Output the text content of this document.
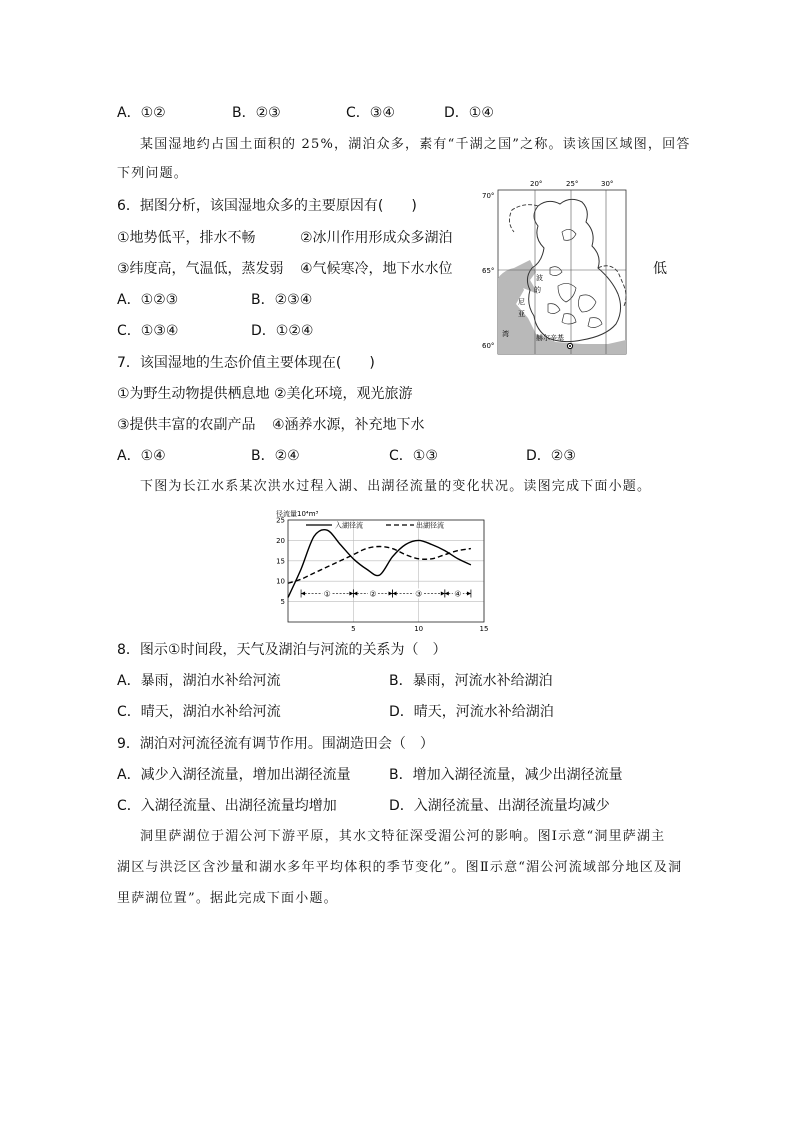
A．①②	B．②③	C．③④	D．①④
某国湿地约占国土面积的 25%，湖泊众多，素有“千湖之国”之称。读该国区域图，回答
下列问题。
6．据图分析，该国湿地众多的主要原因有(　　)
①地势低平，排水不畅	②冰川作用形成众多湖泊
③纬度高，气温低，蒸发弱 ④气候寒冷，地下水水位	低
A．①②③	B．②③④
C．①③④	D．①②④
20°	25°	30°
70°
65°
60°
波
的
尼
亚
湾	赫尔辛基
7．该国湿地的生态价值主要体现在(　　)
①为野生动物提供栖息地 ②美化环境，观光旅游
③提供丰富的农副产品 ④涵养水源，补充地下水
A．①④	B．②④	C．①③	D．②③
下图为长江水系某次洪水过程入湖、出湖径流量的变化状况。读图完成下面小题。
径流量10⁴m³
25
20
15
10
5
5	10	15
入湖径流	出湖径流
①	②	③	④
8．图示①时间段，天气及湖泊与河流的关系为（　）
A．暴雨，湖泊水补给河流	B．暴雨，河流水补给湖泊
C．晴天，湖泊水补给河流	D．晴天，河流水补给湖泊
9．湖泊对河流径流有调节作用。围湖造田会（　）
A．减少入湖径流量，增加出湖径流量	B．增加入湖径流量，减少出湖径流量
C．入湖径流量、出湖径流量均增加	D．入湖径流量、出湖径流量均减少
洞里萨湖位于湄公河下游平原，其水文特征深受湄公河的影响。图Ⅰ示意“洞里萨湖主
湖区与洪泛区含沙量和湖水多年平均体积的季节变化”。图Ⅱ示意“湄公河流域部分地区及洞
里萨湖位置”。据此完成下面小题。
